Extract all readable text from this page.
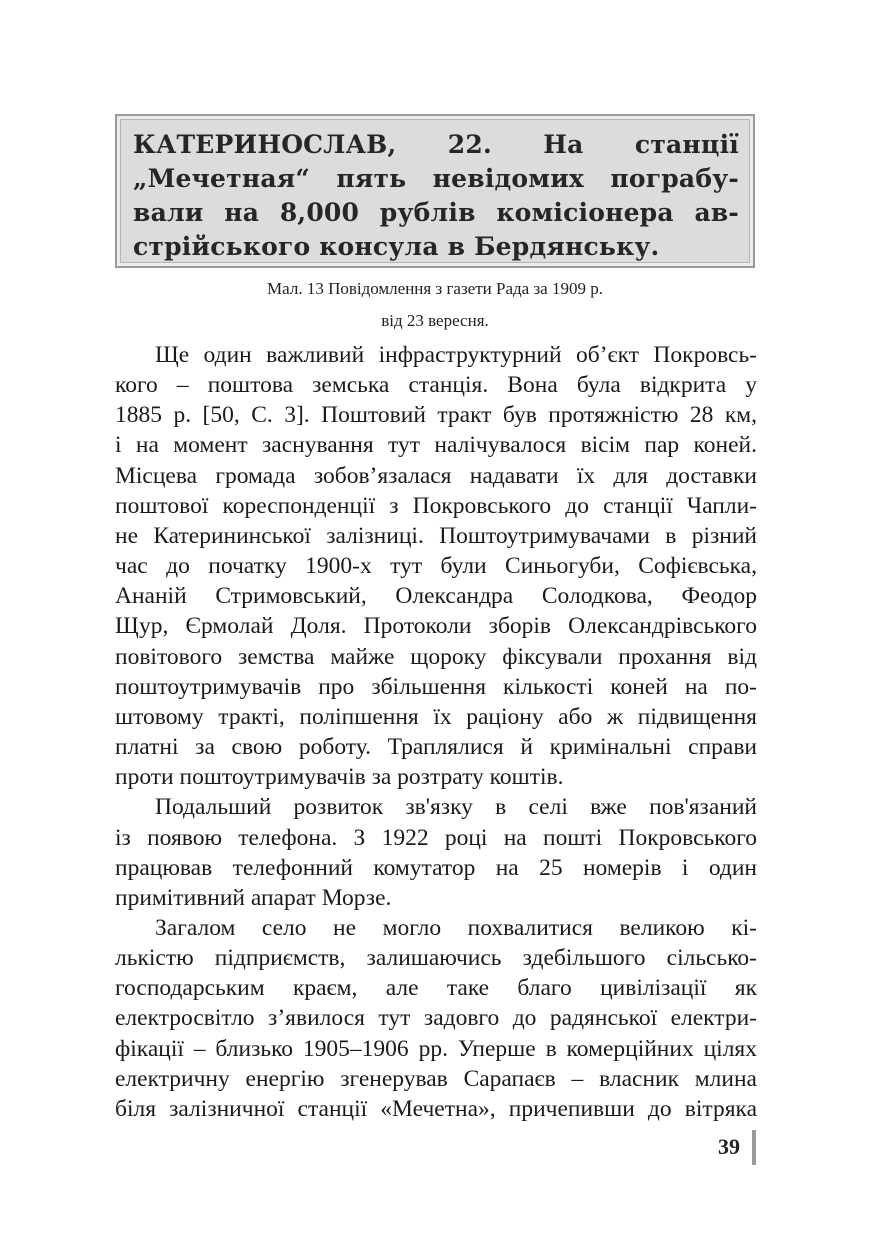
КАТЕРИНОСЛАВ, 22. На станції
„Мечетная“ пять невідомих пограбу-
вали на 8,000 рублів комісіонера ав-
стрійського консула в Бердянську.
Мал. 13 Повідомлення з газети Рада за 1909 р.
від 23 вересня.
Ще один важливий інфраструктурний об’єкт Покровсь-
кого – поштова земська станція. Вона була відкрита у
1885 р. [50, С. 3]. Поштовий тракт був протяжністю 28 км,
і на момент заснування тут налічувалося вісім пар коней.
Місцева громада зобов’язалася надавати їх для доставки
поштової кореспонденції з Покровського до станції Чапли-
не Катерининської залізниці. Поштоутримувачами в різний
час до початку 1900-х тут були Синьогуби, Софієвська,
Ананій Стримовський, Олександра Солодкова, Феодор
Щур, Єрмолай Доля. Протоколи зборів Олександрівського
повітового земства майже щороку фіксували прохання від
поштоутримувачів про збільшення кількості коней на по-
штовому тракті, поліпшення їх раціону або ж підвищення
платні за свою роботу. Траплялися й кримінальні справи
проти поштоутримувачів за розтрату коштів.
Подальший розвиток зв'язку в селі вже пов'язаний
із появою телефона. З 1922 році на пошті Покровського
працював телефонний комутатор на 25 номерів і один
примітивний апарат Морзе.
Загалом село не могло похвалитися великою кі-
лькістю підприємств, залишаючись здебільшого сільсько-
господарським краєм, але таке благо цивілізації як
електросвітло з’явилося тут задовго до радянської електри-
фікації – близько 1905–1906 рр. Уперше в комерційних цілях
електричну енергію згенерував Сарапаєв – власник млина
біля залізничної станції «Мечетна», причепивши до вітряка
39
